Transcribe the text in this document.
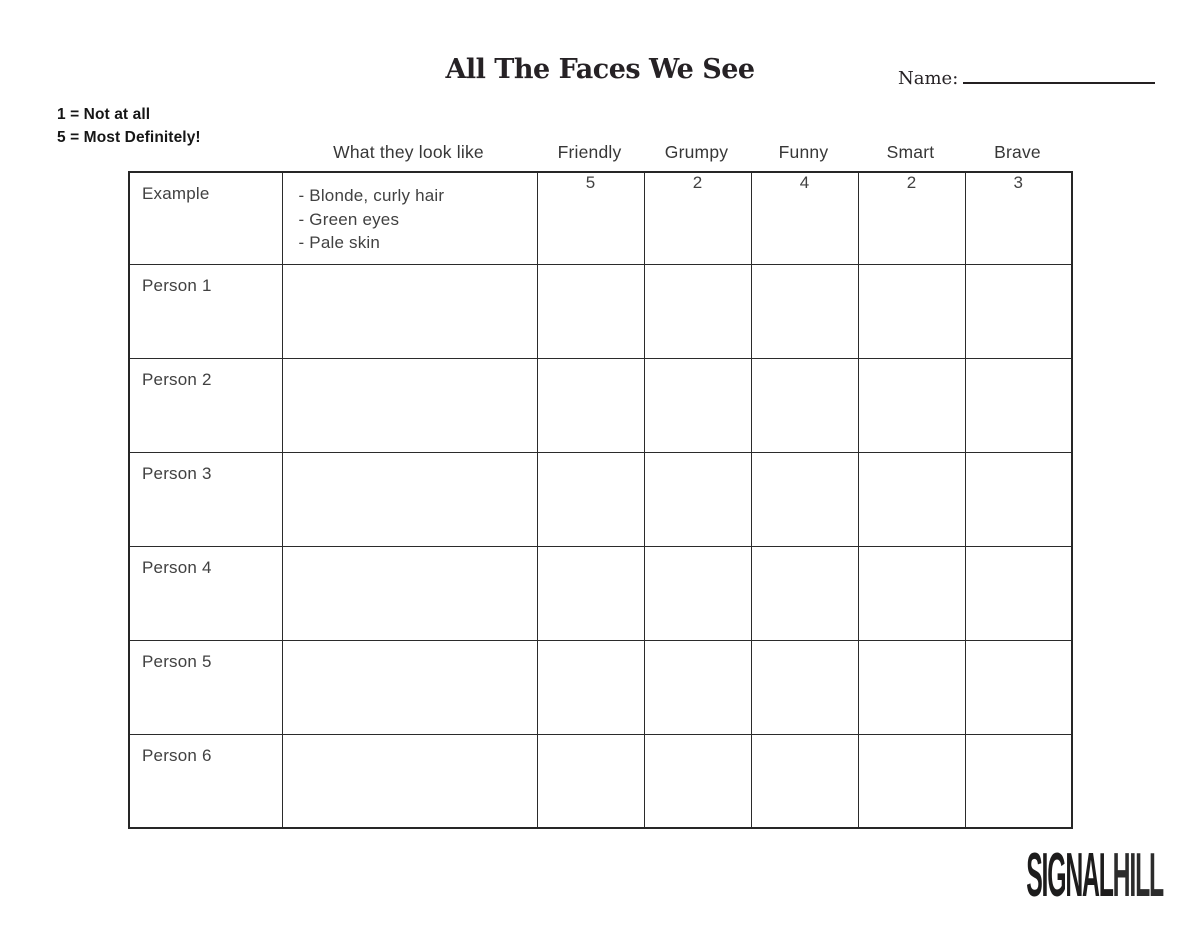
All The Faces We See	Name:
1 = Not at all
5 = Most Definitely!
What they look like	Friendly	Grumpy	Funny	Smart	Brave
Example	- Blonde, curly hair
- Green eyes
- Pale skin	5	2	4	2	3
Person 1						
Person 2						
Person 3						
Person 4						
Person 5						
Person 6						
SIGNALHILL
